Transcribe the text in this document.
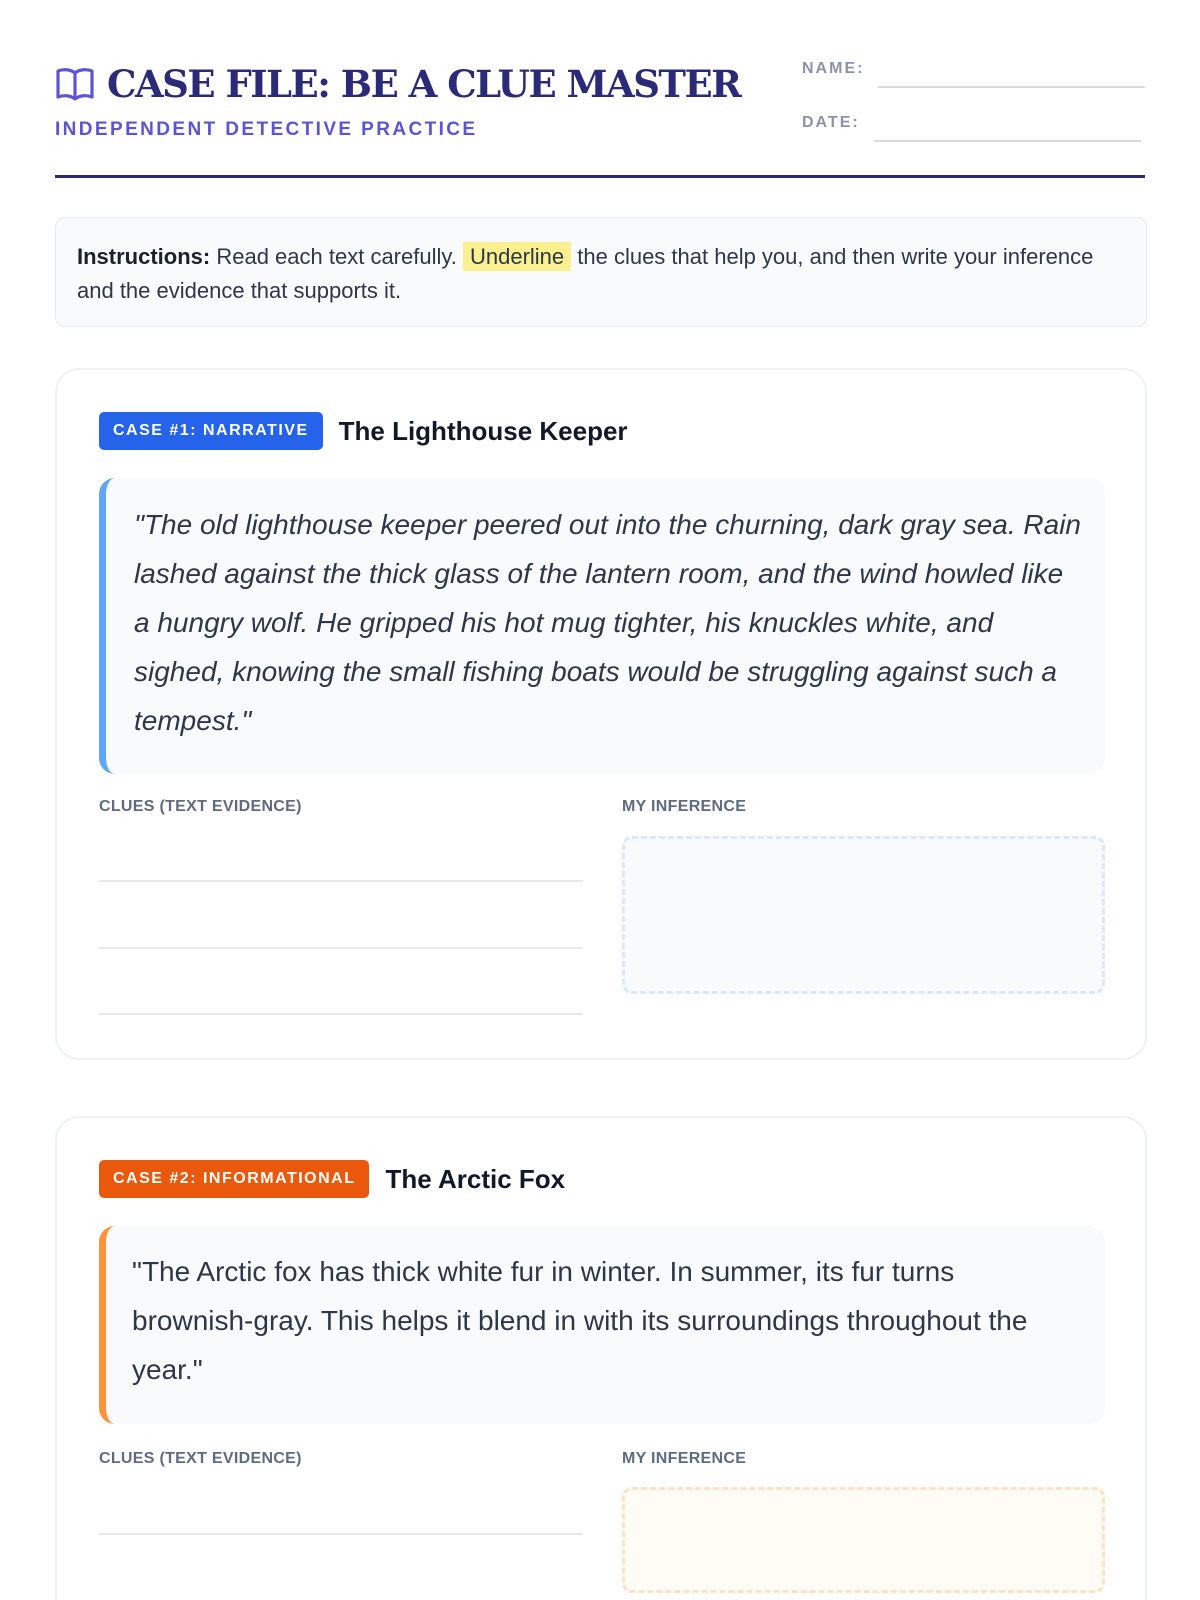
CASE FILE: BE A CLUE MASTER
INDEPENDENT DETECTIVE PRACTICE
NAME:
DATE:
Instructions: Read each text carefully. Underline the clues that help you, and then write your inference and the evidence that supports it.
CASE #1: NARRATIVE	The Lighthouse Keeper
"The old lighthouse keeper peered out into the churning, dark gray sea. Rain lashed against the thick glass of the lantern room, and the wind howled like a hungry wolf. He gripped his hot mug tighter, his knuckles white, and sighed, knowing the small fishing boats would be struggling against such a tempest."
CLUES (TEXT EVIDENCE)	MY INFERENCE
CASE #2: INFORMATIONAL	The Arctic Fox
"The Arctic fox has thick white fur in winter. In summer, its fur turns brownish-gray. This helps it blend in with its surroundings throughout the year."
CLUES (TEXT EVIDENCE)	MY INFERENCE
